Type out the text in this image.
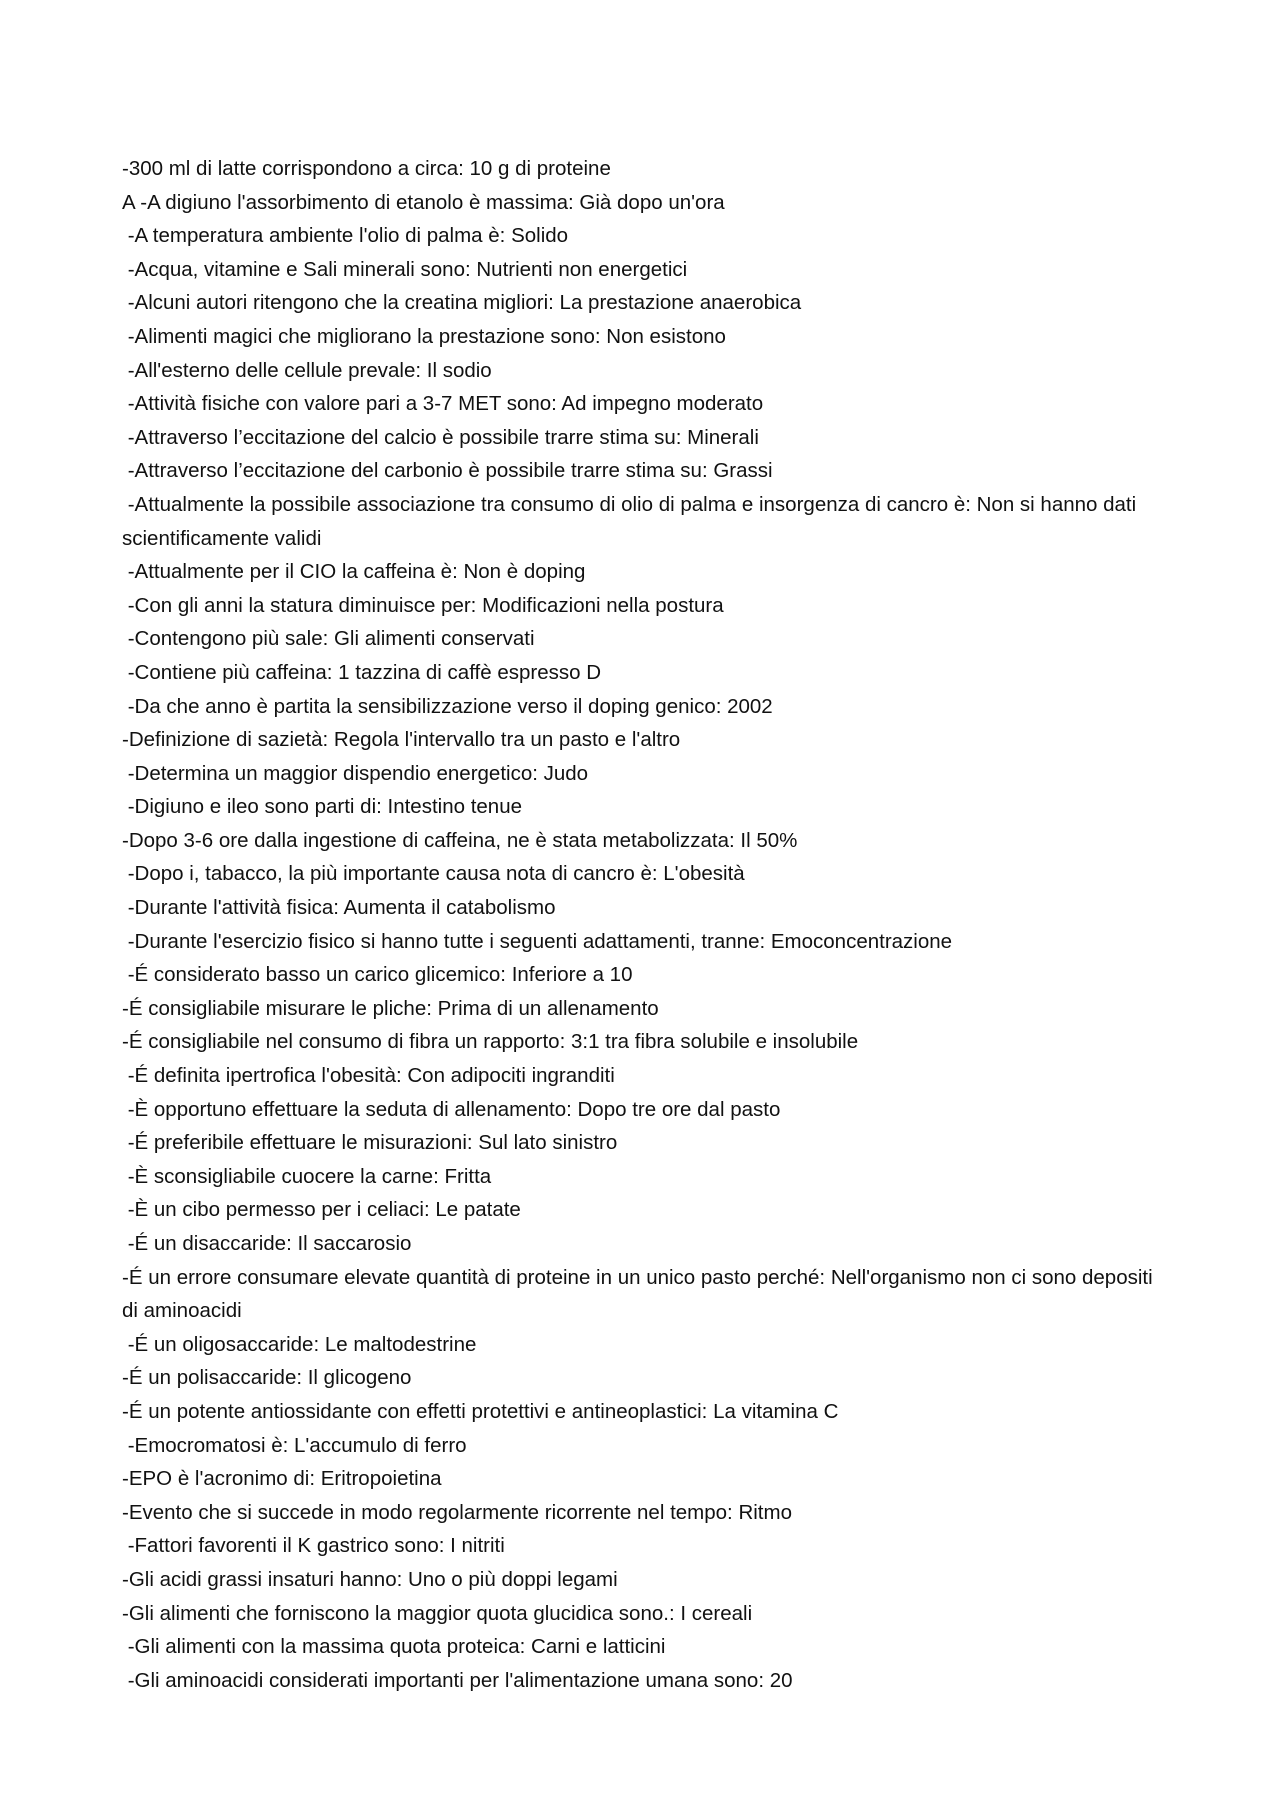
-300 ml di latte corrispondono a circa: 10 g di proteine

A -A digiuno l'assorbimento di etanolo è massima: Già dopo un'ora

-A temperatura ambiente l'olio di palma è: Solido

-Acqua, vitamine e Sali minerali sono: Nutrienti non energetici

-Alcuni autori ritengono che la creatina migliori: La prestazione anaerobica

-Alimenti magici che migliorano la prestazione sono: Non esistono

-All'esterno delle cellule prevale: Il sodio

-Attività fisiche con valore pari a 3-7 MET sono: Ad impegno moderato

-Attraverso l’eccitazione del calcio è possibile trarre stima su: Minerali

-Attraverso l’eccitazione del carbonio è possibile trarre stima su: Grassi

-Attualmente la possibile associazione tra consumo di olio di palma e insorgenza di cancro è: Non si hanno dati scientificamente validi

-Attualmente per il CIO la caffeina è: Non è doping

-Con gli anni la statura diminuisce per: Modificazioni nella postura

-Contengono più sale: Gli alimenti conservati

-Contiene più caffeina: 1 tazzina di caffè espresso D

-Da che anno è partita la sensibilizzazione verso il doping genico: 2002

-Definizione di sazietà: Regola l'intervallo tra un pasto e l'altro

-Determina un maggior dispendio energetico: Judo

-Digiuno e ileo sono parti di: Intestino tenue

-Dopo 3-6 ore dalla ingestione di caffeina, ne è stata metabolizzata: Il 50%

-Dopo i, tabacco, la più importante causa nota di cancro è: L'obesità

-Durante l'attività fisica: Aumenta il catabolismo

-Durante l'esercizio fisico si hanno tutte i seguenti adattamenti, tranne: Emoconcentrazione

-É considerato basso un carico glicemico: Inferiore a 10

-É consigliabile misurare le pliche: Prima di un allenamento

-É consigliabile nel consumo di fibra un rapporto: 3:1 tra fibra solubile e insolubile

-É definita ipertrofica l'obesità: Con adipociti ingranditi

-È opportuno effettuare la seduta di allenamento: Dopo tre ore dal pasto

-É preferibile effettuare le misurazioni: Sul lato sinistro

-È sconsigliabile cuocere la carne: Fritta

-È un cibo permesso per i celiaci: Le patate

-É un disaccaride: Il saccarosio

-É un errore consumare elevate quantità di proteine in un unico pasto perché: Nell'organismo non ci sono depositi di aminoacidi

-É un oligosaccaride: Le maltodestrine

-É un polisaccaride: Il glicogeno

-É un potente antiossidante con effetti protettivi e antineoplastici: La vitamina C

-Emocromatosi è: L'accumulo di ferro

-EPO è l'acronimo di: Eritropoietina

-Evento che si succede in modo regolarmente ricorrente nel tempo: Ritmo

-Fattori favorenti il K gastrico sono: I nitriti

-Gli acidi grassi insaturi hanno: Uno o più doppi legami

-Gli alimenti che forniscono la maggior quota glucidica sono.: I cereali

-Gli alimenti con la massima quota proteica: Carni e latticini

-Gli aminoacidi considerati importanti per l'alimentazione umana sono: 20
